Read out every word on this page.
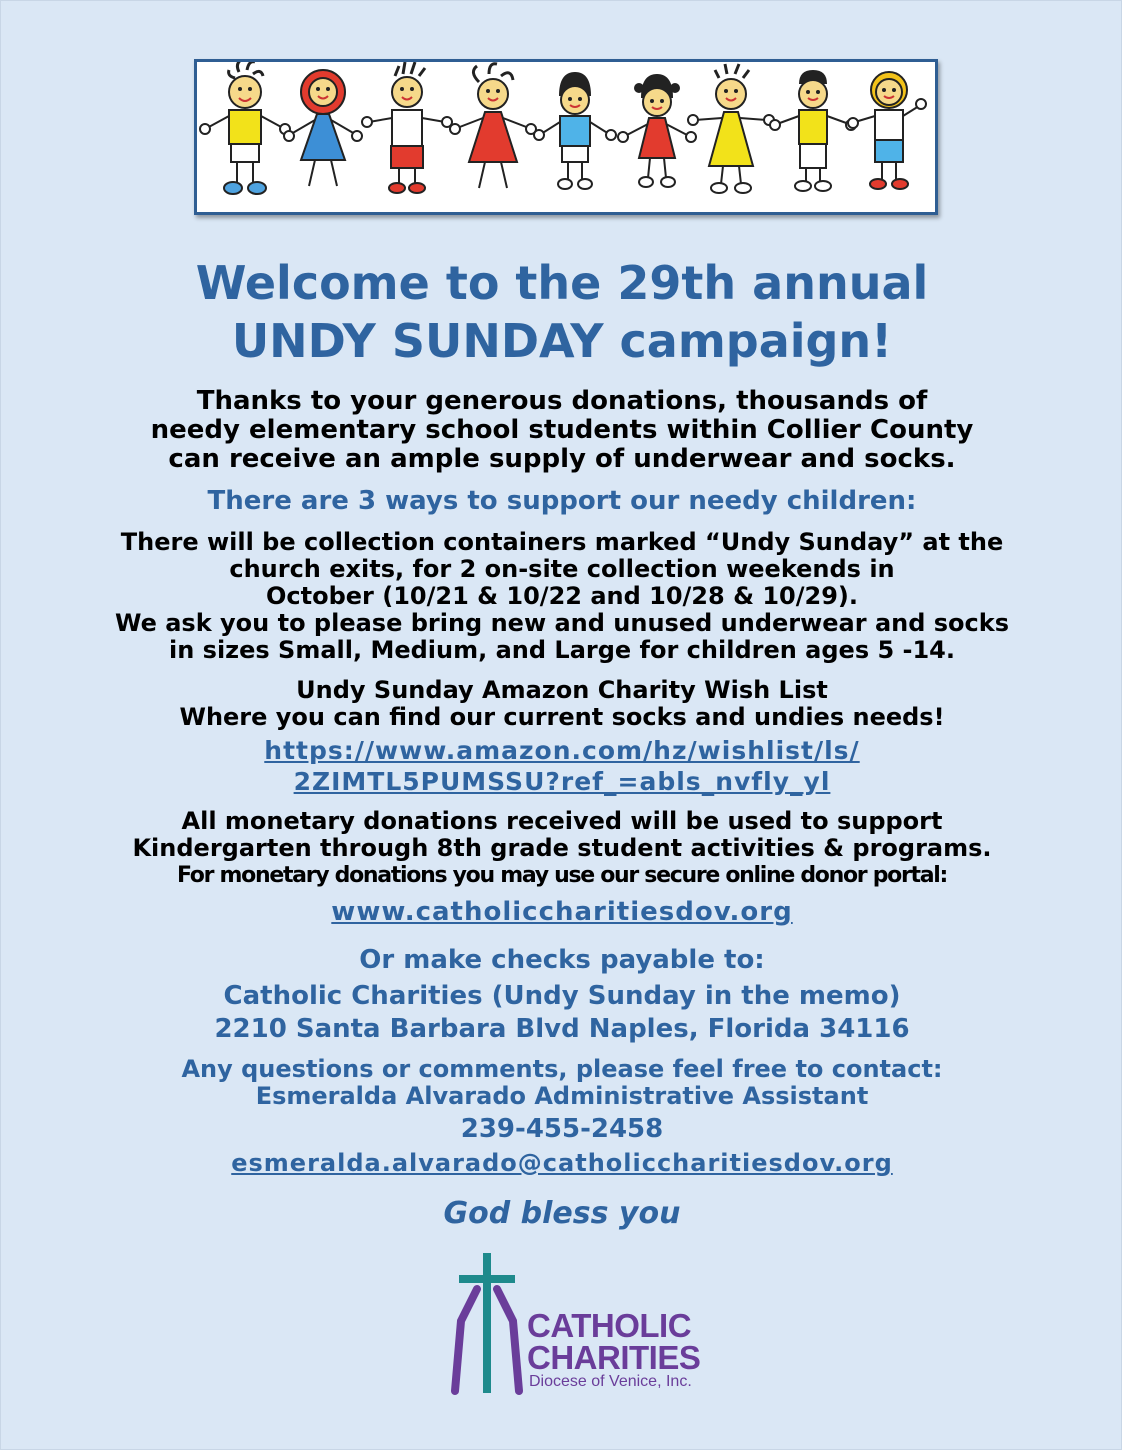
Welcome to the 29th annual
UNDY SUNDAY campaign!
Thanks to your generous donations, thousands of
needy elementary school students within Collier County
can receive an ample supply of underwear and socks.
There are 3 ways to support our needy children:
There will be collection containers marked “Undy Sunday” at the
church exits, for 2 on-site collection weekends in
October (10/21 & 10/22 and 10/28 & 10/29).
We ask you to please bring new and unused underwear and socks
in sizes Small, Medium, and Large for children ages 5 -14.
Undy Sunday Amazon Charity Wish List
Where you can find our current socks and undies needs!
https://www.amazon.com/hz/wishlist/ls/
2ZIMTL5PUMSSU?ref_=abls_nvfly_yl
All monetary donations received will be used to support
Kindergarten through 8th grade student activities & programs.
For monetary donations you may use our secure online donor portal:
www.catholiccharitiesdov.org
Or make checks payable to:
Catholic Charities (Undy Sunday in the memo)
2210 Santa Barbara Blvd Naples, Florida 34116
Any questions or comments, please feel free to contact:
Esmeralda Alvarado Administrative Assistant
239-455-2458
esmeralda.alvarado@catholiccharitiesdov.org
God bless you
CATHOLIC
CHARITIES
Diocese of Venice, Inc.
